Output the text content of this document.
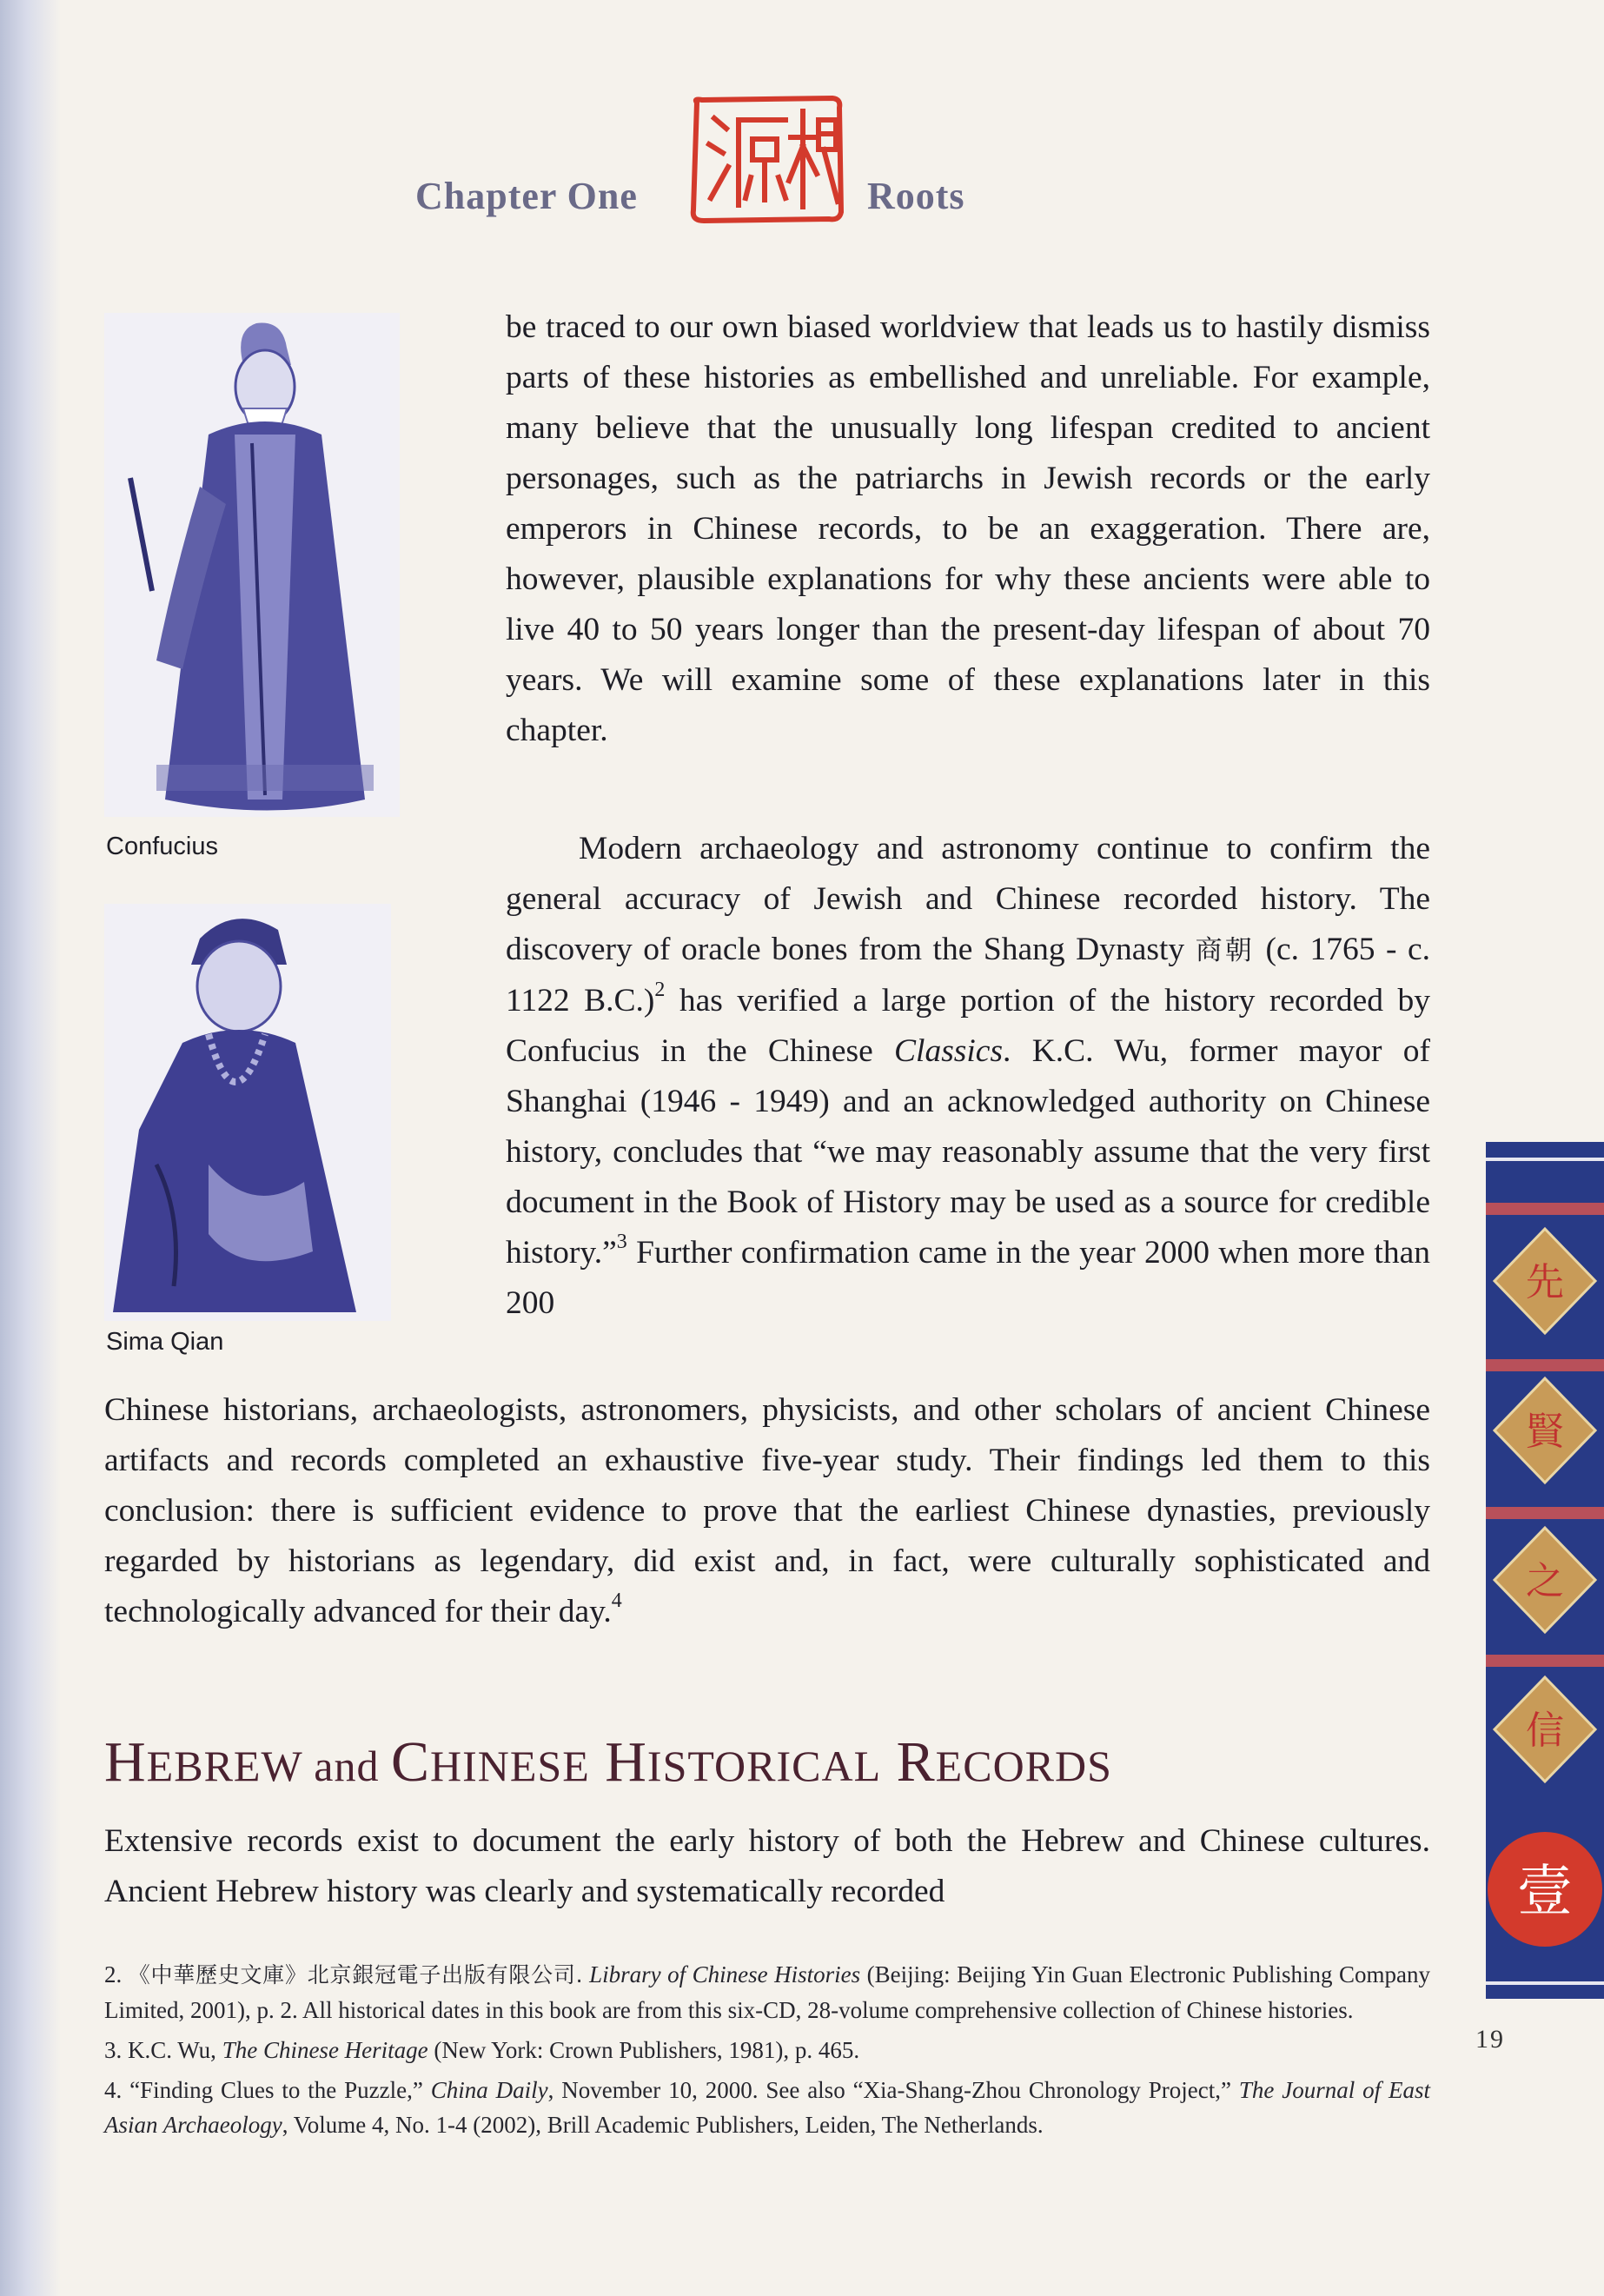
Chapter One	Roots
Confucius
Sima Qian

be traced to our own biased worldview that leads us to hastily dismiss parts of these histories as embellished and unreliable. For example, many believe that the unusually long lifespan credited to ancient personages, such as the patriarchs in Jewish records or the early emperors in Chinese records, to be an exaggeration. There are, however, plausible explanations for why these ancients were able to live 40 to 50 years longer than the present-day lifespan of about 70 years. We will examine some of these explanations later in this chapter.

Modern archaeology and astronomy continue to confirm the general accuracy of Jewish and Chinese recorded history. The discovery of oracle bones from the Shang Dynasty 商朝 (c. 1765 - c. 1122 B.C.)$^2$ has verified a large portion of the history recorded by Confucius in the Chinese Classics. K.C. Wu, former mayor of Shanghai (1946 - 1949) and an acknowledged authority on Chinese history, concludes that “we may reasonably assume that the very first document in the Book of History may be used as a source for credible history.”$^3$ Further confirmation came in the year 2000 when more than 200

Chinese historians, archaeologists, astronomers, physicists, and other scholars of ancient Chinese artifacts and records completed an exhaustive five-year study. Their findings led them to this conclusion: there is sufficient evidence to prove that the earliest Chinese dynasties, previously regarded by historians as legendary, did exist and, in fact, were culturally sophisticated and technologically advanced for their day.$^4$

HEBREW and CHINESE HISTORICAL RECORDS

Extensive records exist to document the early history of both the Hebrew and Chinese cultures. Ancient Hebrew history was clearly and systematically recorded

2. 《中華歷史文庫》北京銀冠電子出版有限公司. Library of Chinese Histories (Beijing: Beijing Yin Guan Electronic Publishing Company Limited, 2001), p. 2. All historical dates in this book are from this six-CD, 28-volume comprehensive collection of Chinese histories.

3. K.C. Wu, The Chinese Heritage (New York: Crown Publishers, 1981), p. 465.

4. “Finding Clues to the Puzzle,” China Daily, November 10, 2000. See also “Xia-Shang-Zhou Chronology Project,” The Journal of East Asian Archaeology, Volume 4, No. 1-4 (2002), Brill Academic Publishers, Leiden, The Netherlands.

先
賢
之
信
壹
19
